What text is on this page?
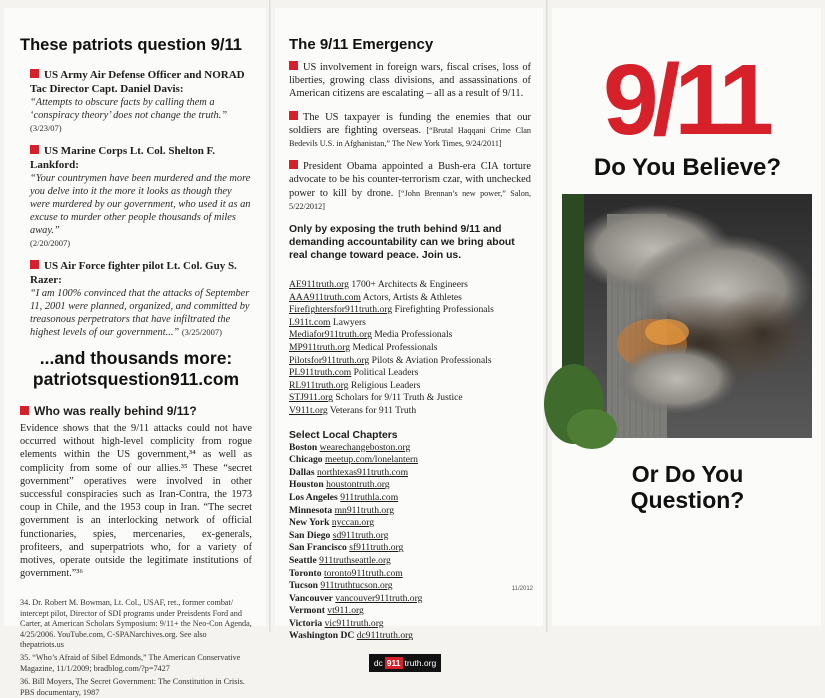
These patriots question 9/11
US Army Air Defense Officer and NORAD Tac Director Capt. Daniel Davis:
“Attempts to obscure facts by calling them a ‘conspiracy theory’ does not change the truth.” (3/23/07)
US Marine Corps Lt. Col. Shelton F. Lankford:
“Your countrymen have been murdered and the more you delve into it the more it looks as though they were murdered by our government, who used it as an excuse to murder other people thousands of miles away.”
(2/20/2007)
US Air Force fighter pilot Lt. Col. Guy S. Razer:
“I am 100% convinced that the attacks of September 11, 2001 were planned, organized, and committed by treasonous perpetrators that have infiltrated the highest levels of our government...” (3/25/2007)
...and thousands more:
patriotsquestion911.com
Who was really behind 9/11?
Evidence shows that the 9/11 attacks could not have occurred without high-level complicity from rogue elements within the US government,³⁴ as well as complicity from some of our allies.³⁵ These “secret government” operatives were involved in other successful conspiracies such as Iran-Contra, the 1973 coup in Chile, and the 1953 coup in Iran. “The secret government is an interlocking network of official functionaries, spies, mercenaries, ex-generals, profiteers, and superpatriots who, for a variety of motives, operate outside the legitimate institutions of government.”³⁶
34. Dr. Robert M. Bowman, Lt. Col., USAF, ret., former combat/ intercept pilot, Director of SDI programs under Preisdents Ford and Carter, at American Scholars Symposium: 9/11+ the Neo-Con Agenda, 4/25/2006. YouTube.com, C-SPANarchives.org. See also thepatriots.us
35. “Who’s Afraid of Sibel Edmonds,” The American Conservative Magazine, 11/1/2009; bradblog.com/?p=7427
36. Bill Moyers, The Secret Government: The Constitution in Crisis. PBS documentary, 1987
The 9/11 Emergency
US involvement in foreign wars, fiscal crises, loss of liberties, growing class divisions, and assassinations of American citizens are escalating – all as a result of 9/11.
The US taxpayer is funding the enemies that our soldiers are fighting overseas. [“Brutal Haqqani Crime Clan Bedevils U.S. in Afghanistan,” The New York Times, 9/24/2011]
President Obama appointed a Bush-era CIA torture advocate to be his counter-terrorism czar, with unchecked power to kill by drone. [“John Brennan’s new power,” Salon, 5/22/2012]
Only by exposing the truth behind 9/11 and demanding accountability can we bring about real change toward peace. Join us.
AE911truth.org 1700+ Architects & Engineers
AAA911truth.com Actors, Artists & Athletes
Firefightersfor911truth.org Firefighting Professionals
L911t.com Lawyers
Mediafor911truth.org Media Professionals
MP911truth.org Medical Professionals
Pilotsfor911truth.org Pilots & Aviation Professionals
PL911truth.com Political Leaders
RL911truth.org Religious Leaders
STJ911.org Scholars for 9/11 Truth & Justice
V911t.org Veterans for 911 Truth
Select Local Chapters
Boston wearechangeboston.org
Chicago meetup.com/lonelantern
Dallas northtexas911truth.com
Houston houstontruth.org
Los Angeles 911truthla.com
Minnesota mn911truth.org
New York nyccan.org
San Diego sd911truth.org
San Francisco sf911truth.org
Seattle 911truthseattle.org
Toronto toronto911truth.com
Tucson 911truthtucson.org
Vancouver vancouver911truth.org
Vermont vt911.org
Victoria vic911truth.org
Washington DC dc911truth.org
dc 911 truth.org
11/2012
9/11
Do You Believe?
Or Do You
Question?
